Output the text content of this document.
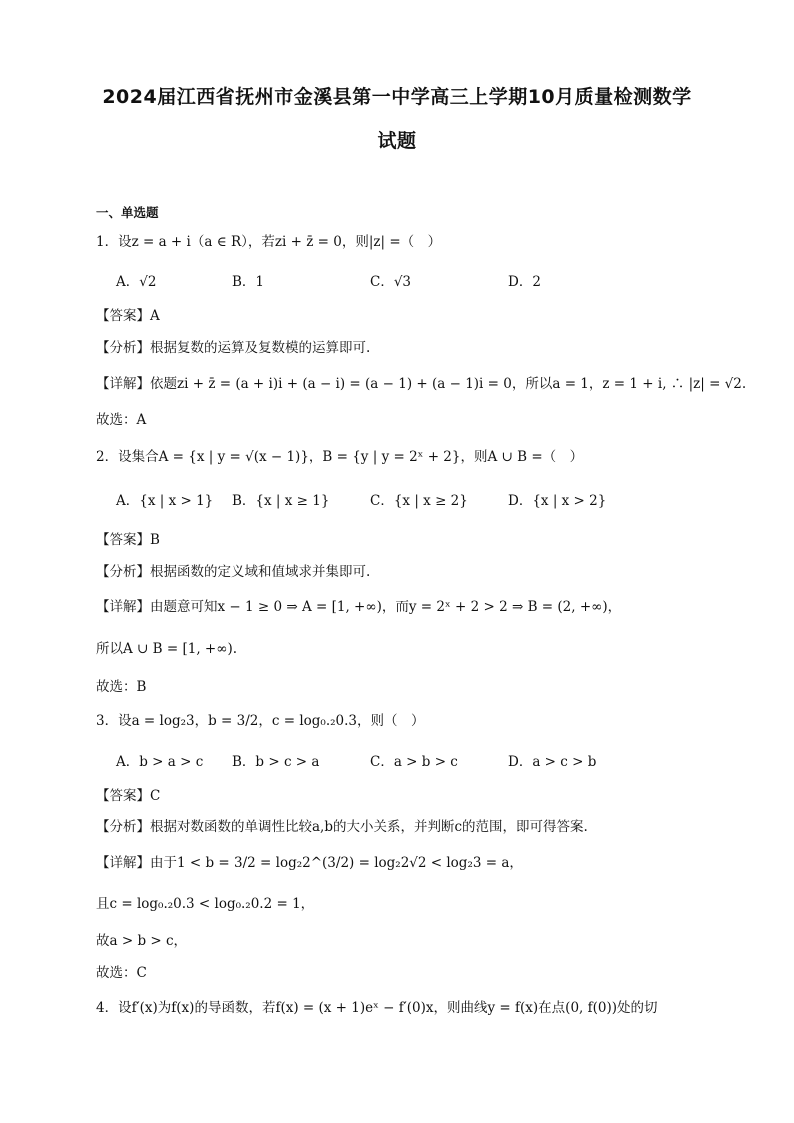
2024届江西省抚州市金溪县第一中学高三上学期10月质量检测数学
试题
一、单选题
1．设z = a + i（a ∈ R），若zi + z̄ = 0，则|z| =（　）
A．√2	B．1	C．√3	D．2
【答案】A
【分析】根据复数的运算及复数模的运算即可.
【详解】依题zi + z̄ = (a + i)i + (a − i) = (a − 1) + (a − 1)i = 0，所以a = 1，z = 1 + i, ∴ |z| = √2.
故选：A
2．设集合A = {x | y = √(x − 1)}，B = {y | y = 2ˣ + 2}，则A ∪ B =（　）
A．{x | x > 1} B．{x | x ≥ 1}	C．{x | x ≥ 2}	D．{x | x > 2}
【答案】B
【分析】根据函数的定义域和值域求并集即可.
【详解】由题意可知x − 1 ≥ 0 ⇒ A = [1, +∞)，而y = 2ˣ + 2 > 2 ⇒ B = (2, +∞)，
所以A ∪ B = [1, +∞).
故选：B
3．设a = log₂3，b = 3/2，c = log₀.₂0.3，则（　）
A．b > a > c B．b > c > a	C．a > b > c	D．a > c > b
【答案】C
【分析】根据对数函数的单调性比较a,b的大小关系，并判断c的范围，即可得答案.
【详解】由于1 < b = 3/2 = log₂2^(3/2) = log₂2√2 < log₂3 = a，
且c = log₀.₂0.3 < log₀.₂0.2 = 1，
故a > b > c，
故选：C
4．设f′(x)为f(x)的导函数，若f(x) = (x + 1)eˣ − f′(0)x，则曲线y = f(x)在点(0, f(0))处的切
